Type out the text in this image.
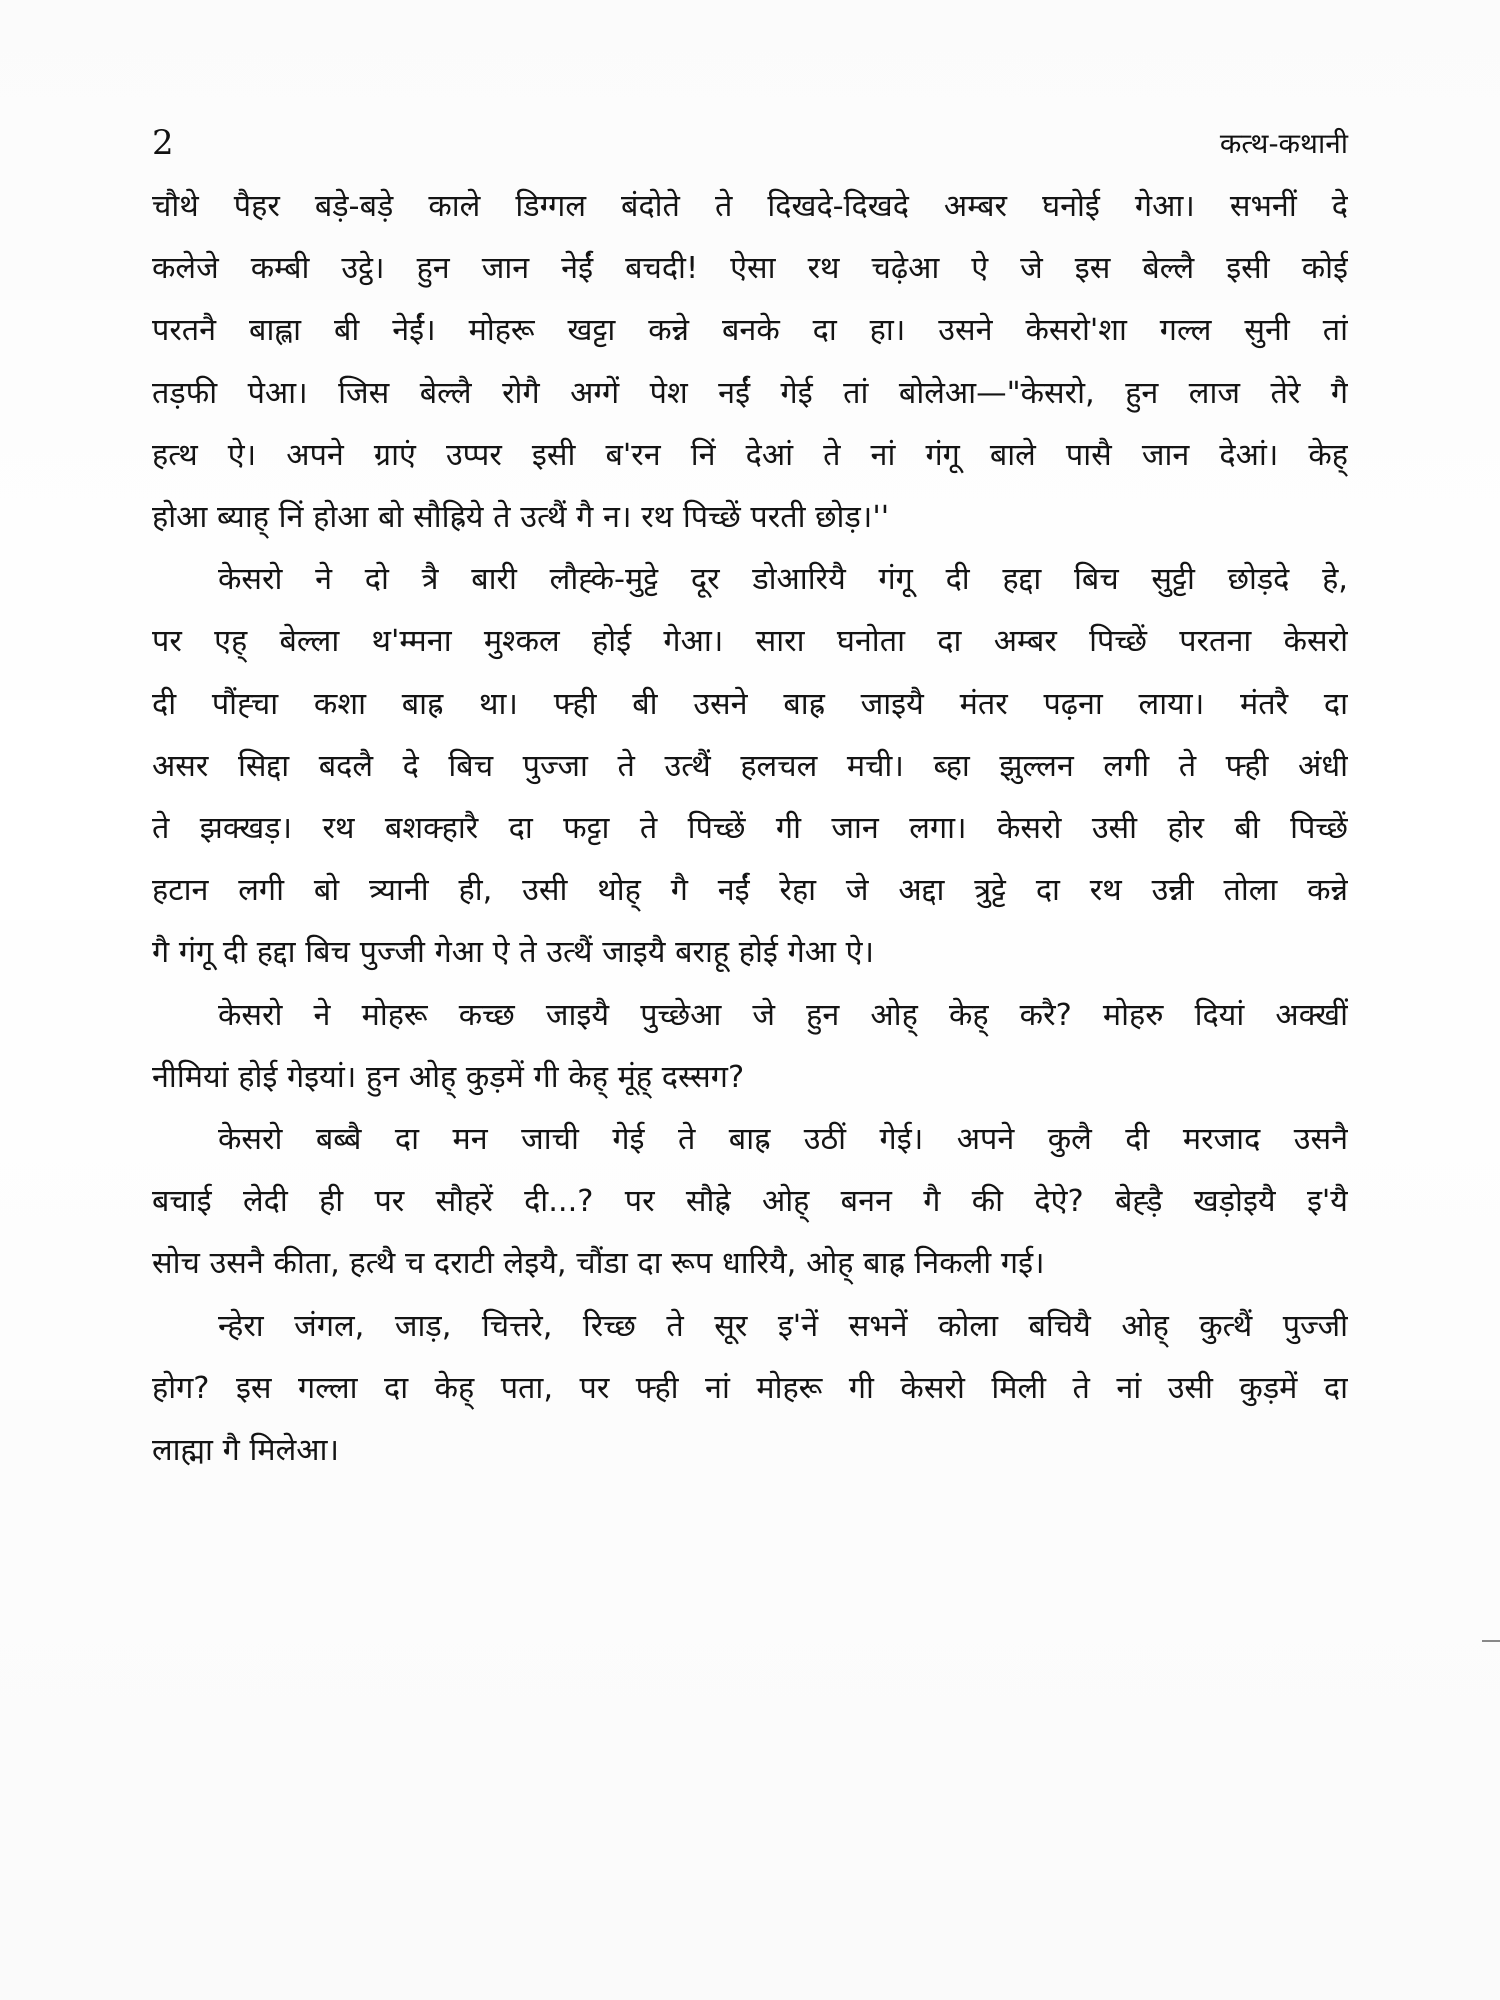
2	कत्थ-कथानी

चौथे पैहर बड़े-बड़े काले डिग्गल बंदोते ते दिखदे-दिखदे अम्बर घनोई गेआ। सभनीं दे
कलेजे कम्बी उट्ठे। हुन जान नेईं बचदी! ऐसा रथ चढ़ेआ ऐ जे इस बेल्लै इसी कोई
परतनै बाह्ला बी नेईं। मोहरू खट्टा कन्ने बनके दा हा। उसने केसरो'शा गल्ल सुनी तां
तड़फी पेआ। जिस बेल्लै रोगै अग्गें पेश नईं गेई तां बोलेआ—"केसरो, हुन लाज तेरे गै
हत्थ ऐ। अपने ग्राएं उप्पर इसी ब'रन निं देआं ते नां गंगू बाले पासै जान देआं। केह्
होआ ब्याह् निं होआ बो सौह्रिये ते उत्थैं गै न। रथ पिच्छें परती छोड़।''

केसरो ने दो त्रै बारी लौह्के-मुट्टे दूर डोआरियै गंगू दी हद्दा बिच सुट्टी छोड़दे हे,
पर एह् बेल्ला थ'म्मना मुश्कल होई गेआ। सारा घनोता दा अम्बर पिच्छें परतना केसरो
दी पौंह्चा कशा बाह्र था। फ्ही बी उसने बाह्र जाइयै मंतर पढ़ना लाया। मंतरै दा
असर सिद्दा बदलै दे बिच पुज्जा ते उत्थैं हलचल मची। ब्हा झुल्लन लगी ते फ्ही अंधी
ते झक्खड़। रथ बशक्हारै दा फट्टा ते पिच्छें गी जान लगा। केसरो उसी होर बी पिच्छें
हटान लगी बो त्र्यानी ही, उसी थोह् गै नईं रेहा जे अद्दा त्रुट्टे दा रथ उन्नी तोला कन्ने
गै गंगू दी हद्दा बिच पुज्जी गेआ ऐ ते उत्थैं जाइयै बराहू होई गेआ ऐ।

केसरो ने मोहरू कच्छ जाइयै पुच्छेआ जे हुन ओह् केह् करै? मोहरु दियां अक्खीं
नीमियां होई गेइयां। हुन ओह् कुड़में गी केह् मूंह् दस्सग?

केसरो बब्बै दा मन जाची गेई ते बाह्र उठीं गेई। अपने कुलै दी मरजाद उसनै
बचाई लेदी ही पर सौहरें दी...? पर सौह्रे ओह् बनन गै की देऐ? बेह्ड़ै खड़ोइयै इ'यै
सोच उसनै कीता, हत्थै च दराटी लेइयै, चौंडा दा रूप धारियै, ओह् बाह्र निकली गई।

न्हेरा जंगल, जाड़, चित्तरे, रिच्छ ते सूर इ'नें सभनें कोला बचियै ओह् कुत्थैं पुज्जी
होग? इस गल्ला दा केह् पता, पर फ्ही नां मोहरू गी केसरो मिली ते नां उसी कुड़में दा
लाह्मा गै मिलेआ।
